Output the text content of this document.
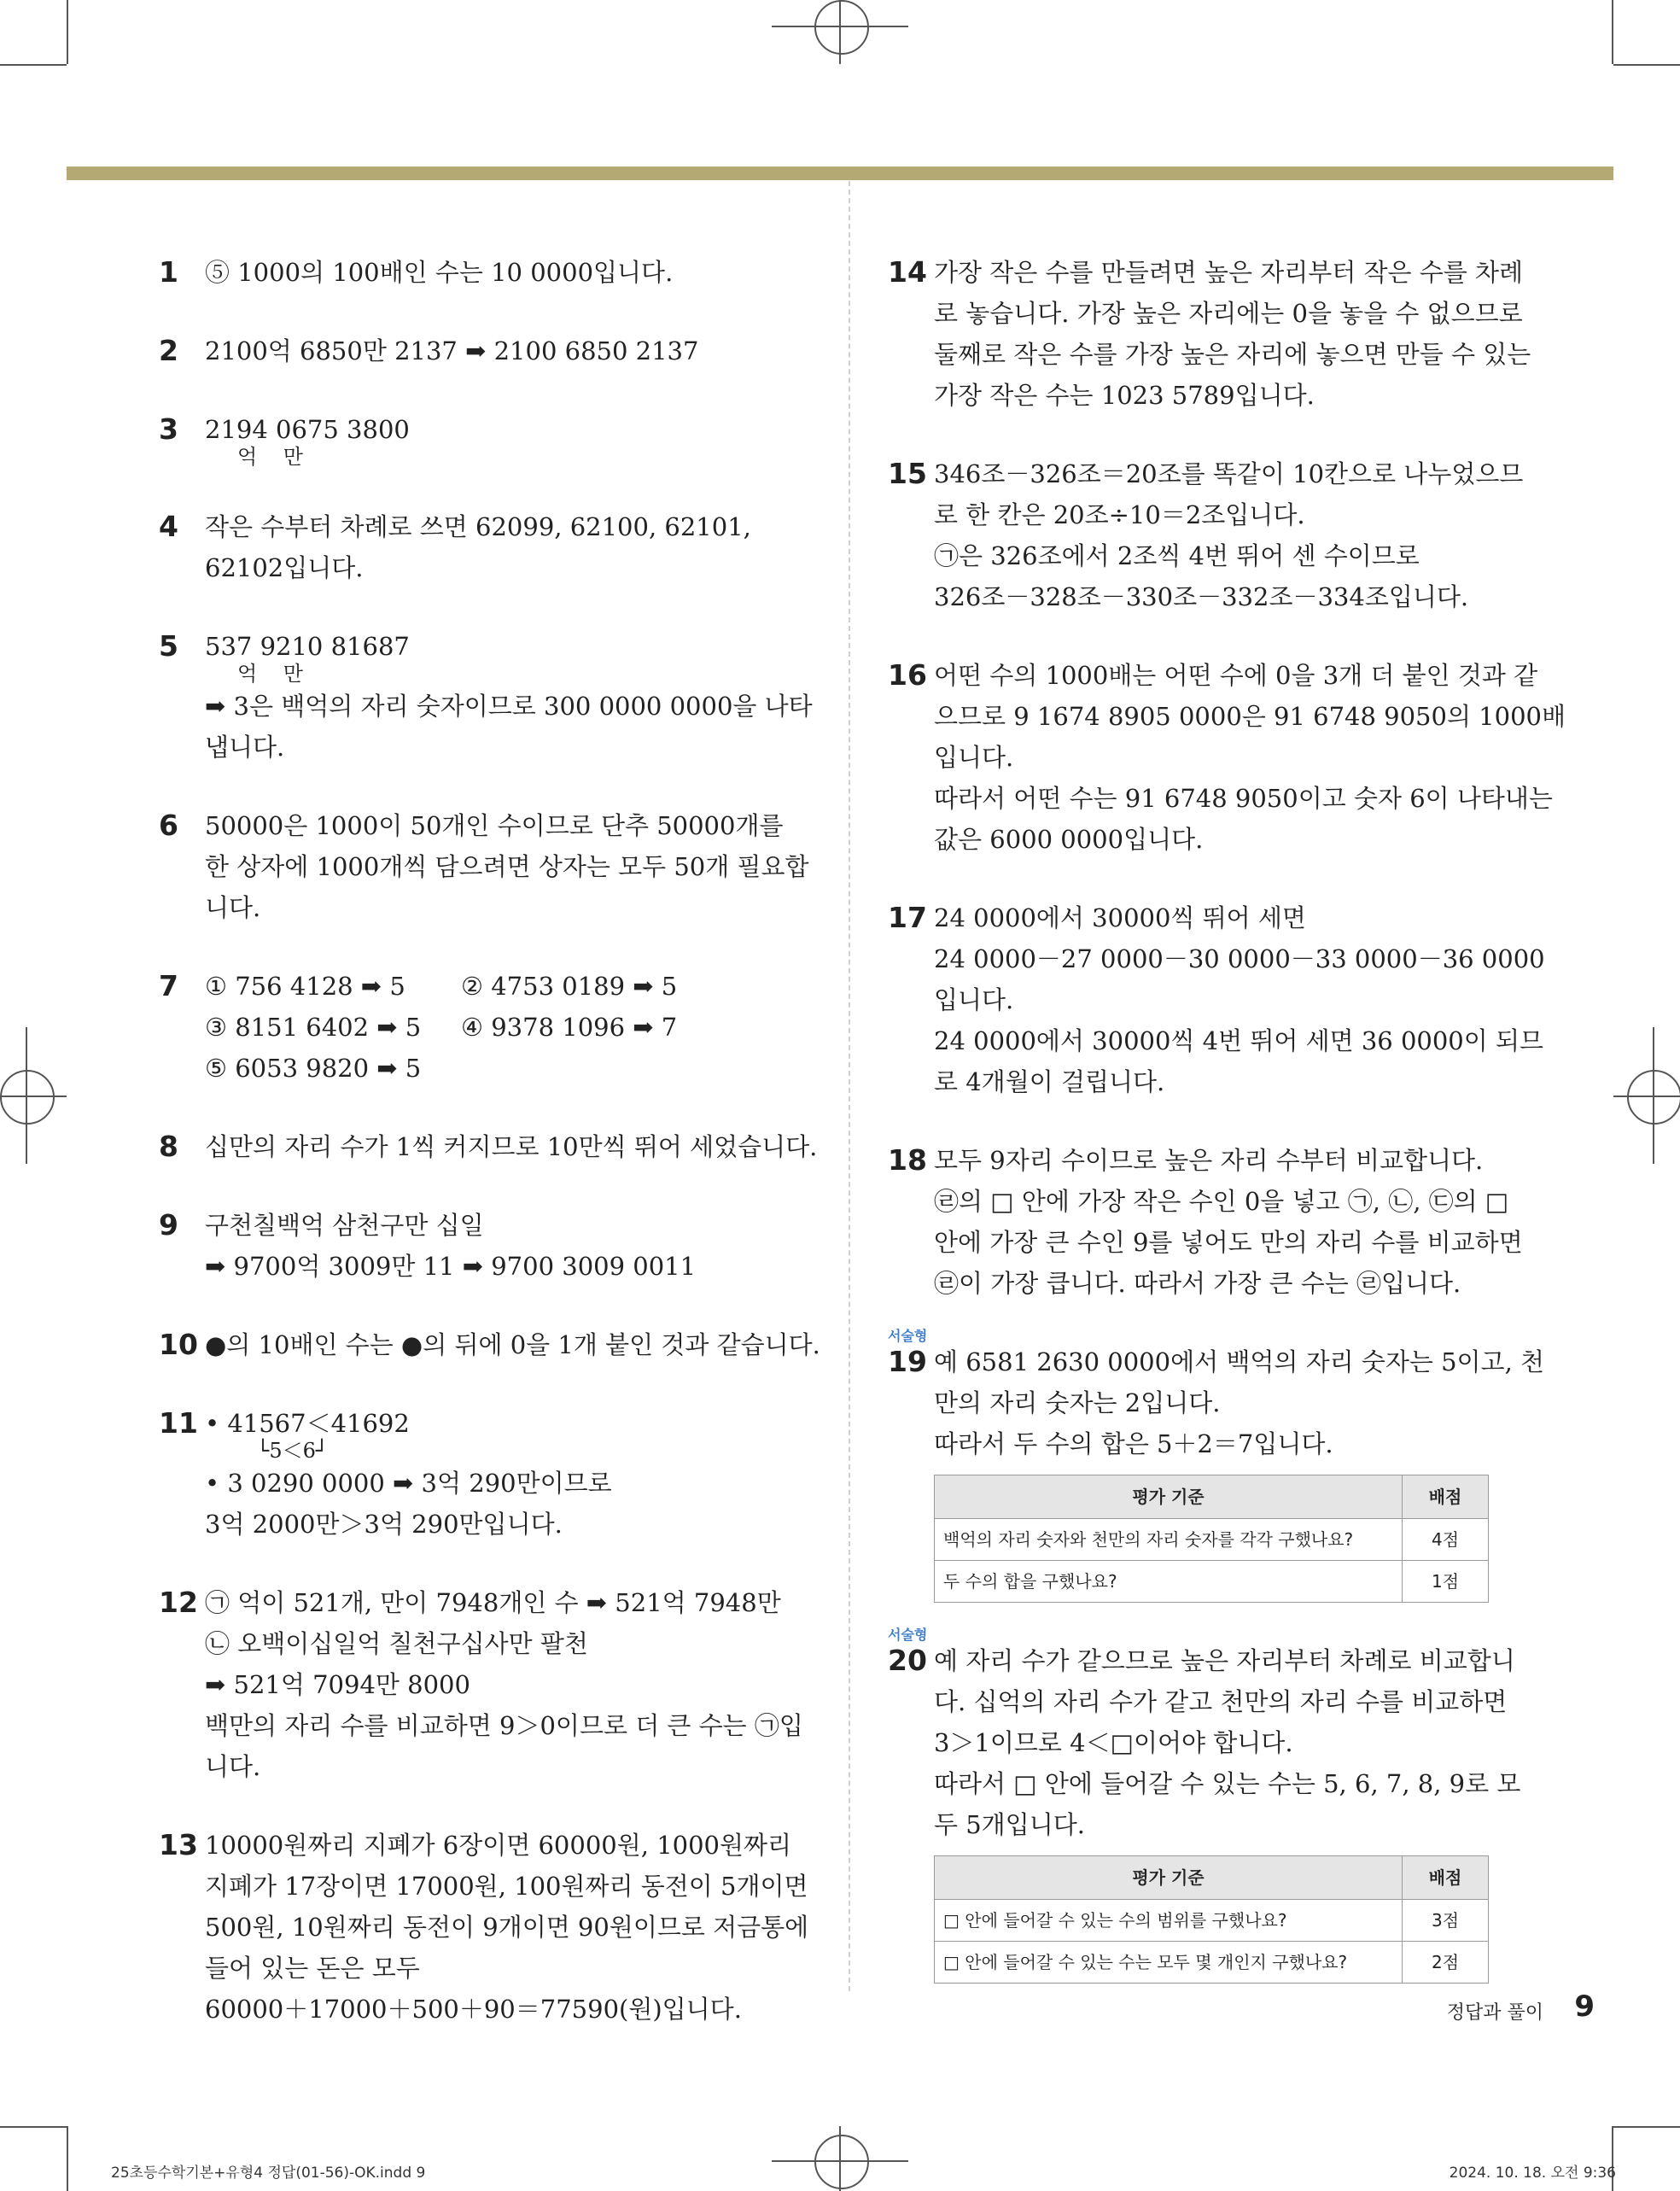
1	⑤ 1000의 100배인 수는 10 0000입니다.
2	2100억 6850만 2137 ➡ 2100 6850 2137
3	2194 0675 3800
억    만
4	작은 수부터 차례로 쓰면 62099, 62100, 62101,
62102입니다.
5	537 9210 81687
억    만
➡ 3은 백억의 자리 숫자이므로 300 0000 0000을 나타
냅니다.
6	50000은 1000이 50개인 수이므로 단추 50000개를
한 상자에 1000개씩 담으려면 상자는 모두 50개 필요합
니다.
7	① 756 4128 ➡ 5	② 4753 0189 ➡ 5
③ 8151 6402 ➡ 5	④ 9378 1096 ➡ 7
⑤ 6053 9820 ➡ 5
8	십만의 자리 수가 1씩 커지므로 10만씩 뛰어 세었습니다.
9	구천칠백억 삼천구만 십일
➡ 9700억 3009만 11 ➡ 9700 3009 0011
10 ●의 10배인 수는 ●의 뒤에 0을 1개 붙인 것과 같습니다.
11 • 41567＜41692
└5＜6┘
• 3 0290 0000 ➡ 3억 290만이므로
3억 2000만＞3억 290만입니다.
12 ㉠ 억이 521개, 만이 7948개인 수 ➡ 521억 7948만
㉡ 오백이십일억 칠천구십사만 팔천
➡ 521억 7094만 8000
백만의 자리 수를 비교하면 9＞0이므로 더 큰 수는 ㉠입
니다.
13 10000원짜리 지폐가 6장이면 60000원, 1000원짜리
지폐가 17장이면 17000원, 100원짜리 동전이 5개이면
500원, 10원짜리 동전이 9개이면 90원이므로 저금통에
들어 있는 돈은 모두
60000＋17000＋500＋90＝77590(원)입니다.
14 가장 작은 수를 만들려면 높은 자리부터 작은 수를 차례
로 놓습니다. 가장 높은 자리에는 0을 놓을 수 없으므로
둘째로 작은 수를 가장 높은 자리에 놓으면 만들 수 있는
가장 작은 수는 1023 5789입니다.
15 346조－326조＝20조를 똑같이 10칸으로 나누었으므
로 한 칸은 20조÷10＝2조입니다.
㉠은 326조에서 2조씩 4번 뛰어 센 수이므로
326조－328조－330조－332조－334조입니다.
16 어떤 수의 1000배는 어떤 수에 0을 3개 더 붙인 것과 같
으므로 9 1674 8905 0000은 91 6748 9050의 1000배
입니다.
따라서 어떤 수는 91 6748 9050이고 숫자 6이 나타내는
값은 6000 0000입니다.
17 24 0000에서 30000씩 뛰어 세면
24 0000－27 0000－30 0000－33 0000－36 0000
입니다.
24 0000에서 30000씩 4번 뛰어 세면 36 0000이 되므
로 4개월이 걸립니다.
18 모두 9자리 수이므로 높은 자리 수부터 비교합니다.
㉣의 □ 안에 가장 작은 수인 0을 넣고 ㉠, ㉡, ㉢의 □
안에 가장 큰 수인 9를 넣어도 만의 자리 수를 비교하면
㉣이 가장 큽니다. 따라서 가장 큰 수는 ㉣입니다.
서술형
19 예 6581 2630 0000에서 백억의 자리 숫자는 5이고, 천
만의 자리 숫자는 2입니다.
따라서 두 수의 합은 5＋2＝7입니다.
평가 기준	배점
백억의 자리 숫자와 천만의 자리 숫자를 각각 구했나요?	4점
두 수의 합을 구했나요?	1점
서술형
20 예 자리 수가 같으므로 높은 자리부터 차례로 비교합니
다. 십억의 자리 수가 같고 천만의 자리 수를 비교하면
3＞1이므로 4＜□이어야 합니다.
따라서 □ 안에 들어갈 수 있는 수는 5, 6, 7, 8, 9로 모
두 5개입니다.
평가 기준	배점
□ 안에 들어갈 수 있는 수의 범위를 구했나요?	3점
□ 안에 들어갈 수 있는 수는 모두 몇 개인지 구했나요?	2점
정답과 풀이 9
25초등수학기본+유형4 정답(01-56)-OK.indd 9	2024. 10. 18. 오전 9:36
